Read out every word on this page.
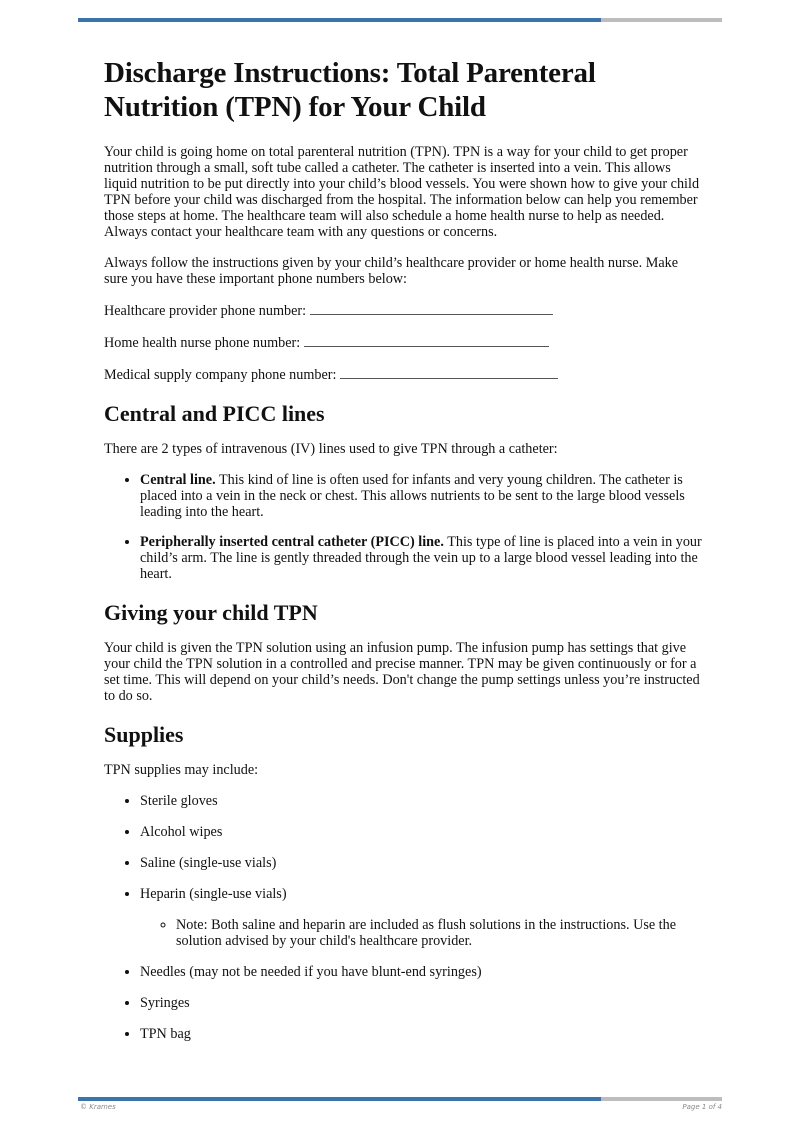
Discharge Instructions: Total Parenteral Nutrition (TPN) for Your Child

Your child is going home on total parenteral nutrition (TPN). TPN is a way for your child to get proper nutrition through a small, soft tube called a catheter. The catheter is inserted into a vein. This allows liquid nutrition to be put directly into your child’s blood vessels. You were shown how to give your child TPN before your child was discharged from the hospital. The information below can help you remember those steps at home. The healthcare team will also schedule a home health nurse to help as needed. Always contact your healthcare team with any questions or concerns.

Always follow the instructions given by your child’s healthcare provider or home health nurse. Make sure you have these important phone numbers below:

Healthcare provider phone number:
Home health nurse phone number:
Medical supply company phone number:
Central and PICC lines

There are 2 types of intravenous (IV) lines used to give TPN through a catheter:

• Central line. This kind of line is often used for infants and very young children. The catheter is placed into a vein in the neck or chest. This allows nutrients to be sent to the large blood vessels leading into the heart.
• Peripherally inserted central catheter (PICC) line. This type of line is placed into a vein in your child’s arm. The line is gently threaded through the vein up to a large blood vessel leading into the heart.
Giving your child TPN

Your child is given the TPN solution using an infusion pump. The infusion pump has settings that give your child the TPN solution in a controlled and precise manner. TPN may be given continuously or for a set time. This will depend on your child’s needs. Don't change the pump settings unless you’re instructed to do so.

Supplies

TPN supplies may include:

• Sterile gloves
• Alcohol wipes
• Saline (single-use vials)
• Heparin (single-use vials)
◦ Note: Both saline and heparin are included as flush solutions in the instructions. Use the solution advised by your child's healthcare provider.
• Needles (may not be needed if you have blunt-end syringes)
• Syringes
• TPN bag
© Krames	Page 1 of 4
